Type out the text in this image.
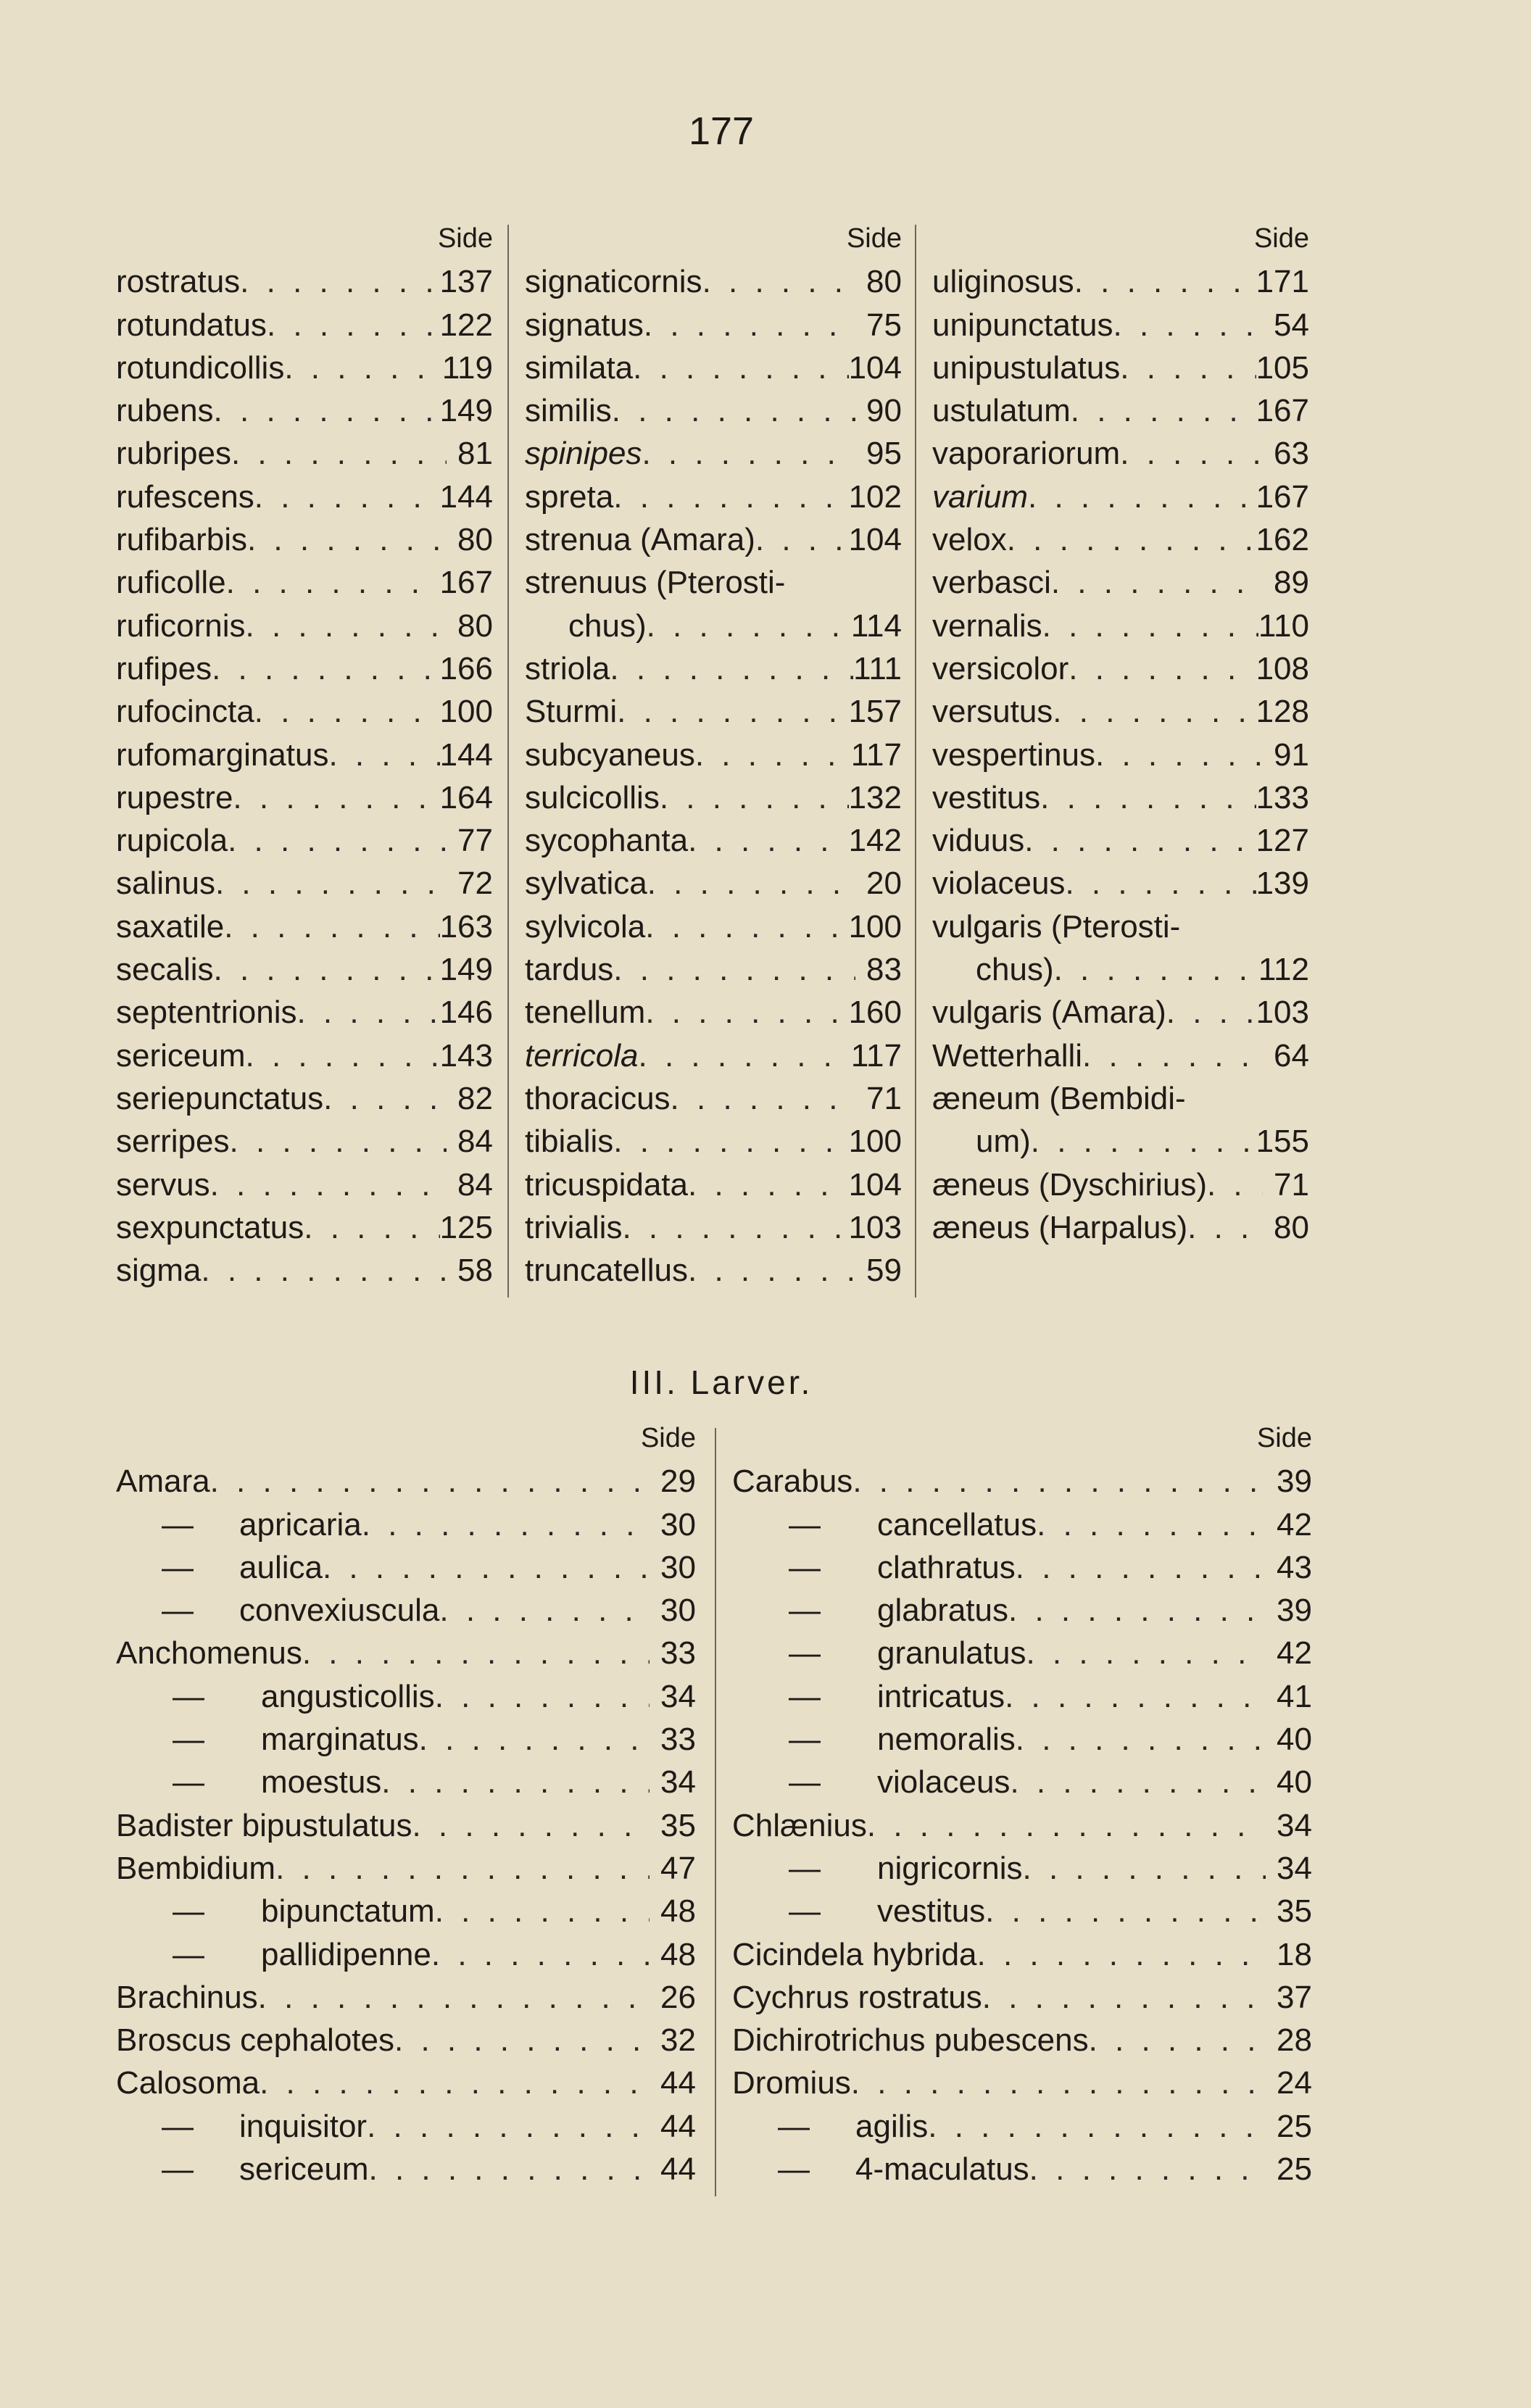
177
Side
rostratus . . .	137
rotundatus . . .	122
rotundicollis . . .	119
rubens . . .	149
rubripes . . .	81
rufescens . . .	144
rufibarbis . . .	80
ruficolle . . .	167
ruficornis . . .	80
rufipes . . .	166
rufocincta . . .	100
rufomarginatus . . .	144
rupestre . . .	164
rupicola . . .	77
salinus . . .	72
saxatile . . .	163
secalis . . .	149
septentrionis . . .	146
sericeum . . .	143
seriepunctatus . . .	82
serripes . . .	84
servus . . .	84
sexpunctatus . . .	125
sigma . . .	58
Side
signaticornis . . .	80
signatus . . .	75
similata . . .	104
similis . . .	90
spinipes . . .	95
spreta . . .	102
strenua (Amara) . . .	104
strenuus (Pterosti-
chus) . . .	114
striola . . .	111
Sturmi . . .	157
subcyaneus . . .	117
sulcicollis . . .	132
sycophanta . . .	142
sylvatica . . .	20
sylvicola . . .	100
tardus . . .	83
tenellum . . .	160
terricola . . .	117
thoracicus . . .	71
tibialis . . .	100
tricuspidata . . .	104
trivialis . . .	103
truncatellus . . .	59
Side
uliginosus . . .	171
unipunctatus . . .	54
unipustulatus . . .	105
ustulatum . . .	167
vaporariorum . . .	63
varium . . .	167
velox . . .	162
verbasci . . .	89
vernalis . . .	110
versicolor . . .	108
versutus . . .	128
vespertinus . . .	91
vestitus . . .	133
viduus . . .	127
violaceus . . .	139
vulgaris (Pterosti-
chus) . . .	112
vulgaris (Amara) . . .	103
Wetterhalli . . .	64
æneum (Bembidi-
um) . . .	155
æneus (Dyschirius) . . .	71
æneus (Harpalus) . . .	80
III. Larver.
Side
Amara . . .	29
—	apricaria . . .	30
—	aulica . . .	30
—	convexiuscula . . .	30
Anchomenus . . .	33
—	angusticollis . . .	34
—	marginatus . . .	33
—	moestus . . .	34
Badister bipustulatus . . .	35
Bembidium . . .	47
—	bipunctatum . . .	48
—	pallidipenne . . .	48
Brachinus . . .	26
Broscus cephalotes . . .	32
Calosoma . . .	44
—	inquisitor . . .	44
—	sericeum . . .	44
Side
Carabus . . .	39
—	cancellatus . . .	42
—	clathratus . . .	43
—	glabratus . . .	39
—	granulatus . . .	42
—	intricatus . . .	41
—	nemoralis . . .	40
—	violaceus . . .	40
Chlænius . . .	34
—	nigricornis . . .	34
—	vestitus . . .	35
Cicindela hybrida . . .	18
Cychrus rostratus . . .	37
Dichirotrichus pubescens . . .	28
Dromius . . .	24
—	agilis . . .	25
—	4-maculatus . . .	25
